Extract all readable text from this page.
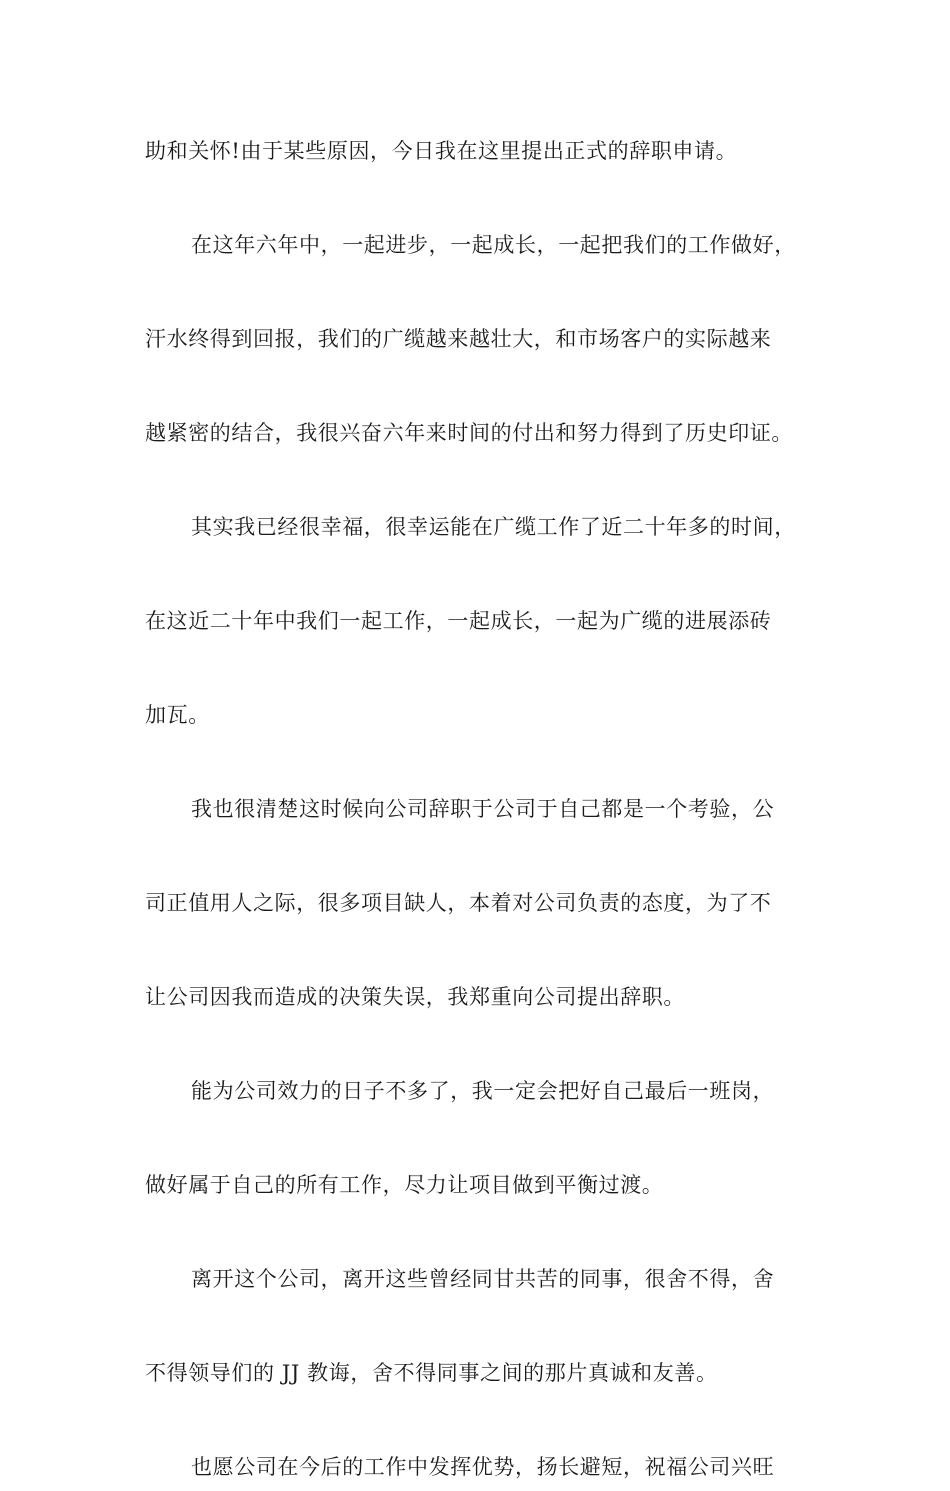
助和关怀!由于某些原因，今日我在这里提出正式的辞职申请。
在这年六年中，一起进步，一起成长，一起把我们的工作做好，
汗水终得到回报，我们的广缆越来越壮大，和市场客户的实际越来
越紧密的结合，我很兴奋六年来时间的付出和努力得到了历史印证。
其实我已经很幸福，很幸运能在广缆工作了近二十年多的时间，
在这近二十年中我们一起工作，一起成长，一起为广缆的进展添砖
加瓦。
我也很清楚这时候向公司辞职于公司于自己都是一个考验，公
司正值用人之际，很多项目缺人，本着对公司负责的态度，为了不
让公司因我而造成的决策失误，我郑重向公司提出辞职。
能为公司效力的日子不多了，我一定会把好自己最后一班岗，
做好属于自己的所有工作，尽力让项目做到平衡过渡。
离开这个公司，离开这些曾经同甘共苦的同事，很舍不得，舍
不得领导们的 JJ 教诲，舍不得同事之间的那片真诚和友善。
也愿公司在今后的工作中发挥优势，扬长避短，祝福公司兴旺
